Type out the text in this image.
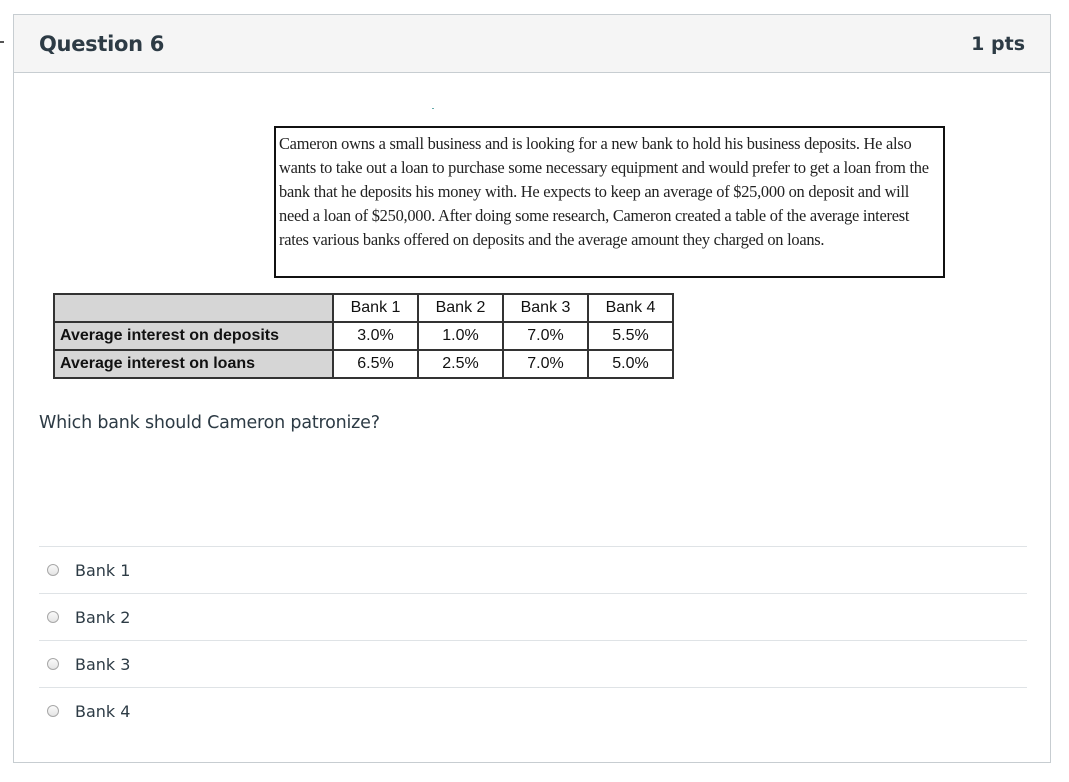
Question 6	1 pts
Cameron owns a small business and is looking for a new bank to hold his business deposits. He also wants to take out a loan to purchase some necessary equipment and would prefer to get a loan from the bank that he deposits his money with. He expects to keep an average of $25,000 on deposit and will need a loan of $250,000. After doing some research, Cameron created a table of the average interest rates various banks offered on deposits and the average amount they charged on loans.
	Bank 1	Bank 2	Bank 3	Bank 4
Average interest on deposits	3.0%	1.0%	7.0%	5.5%
Average interest on loans	6.5%	2.5%	7.0%	5.0%
Which bank should Cameron patronize?
Bank 1
Bank 2
Bank 3
Bank 4
